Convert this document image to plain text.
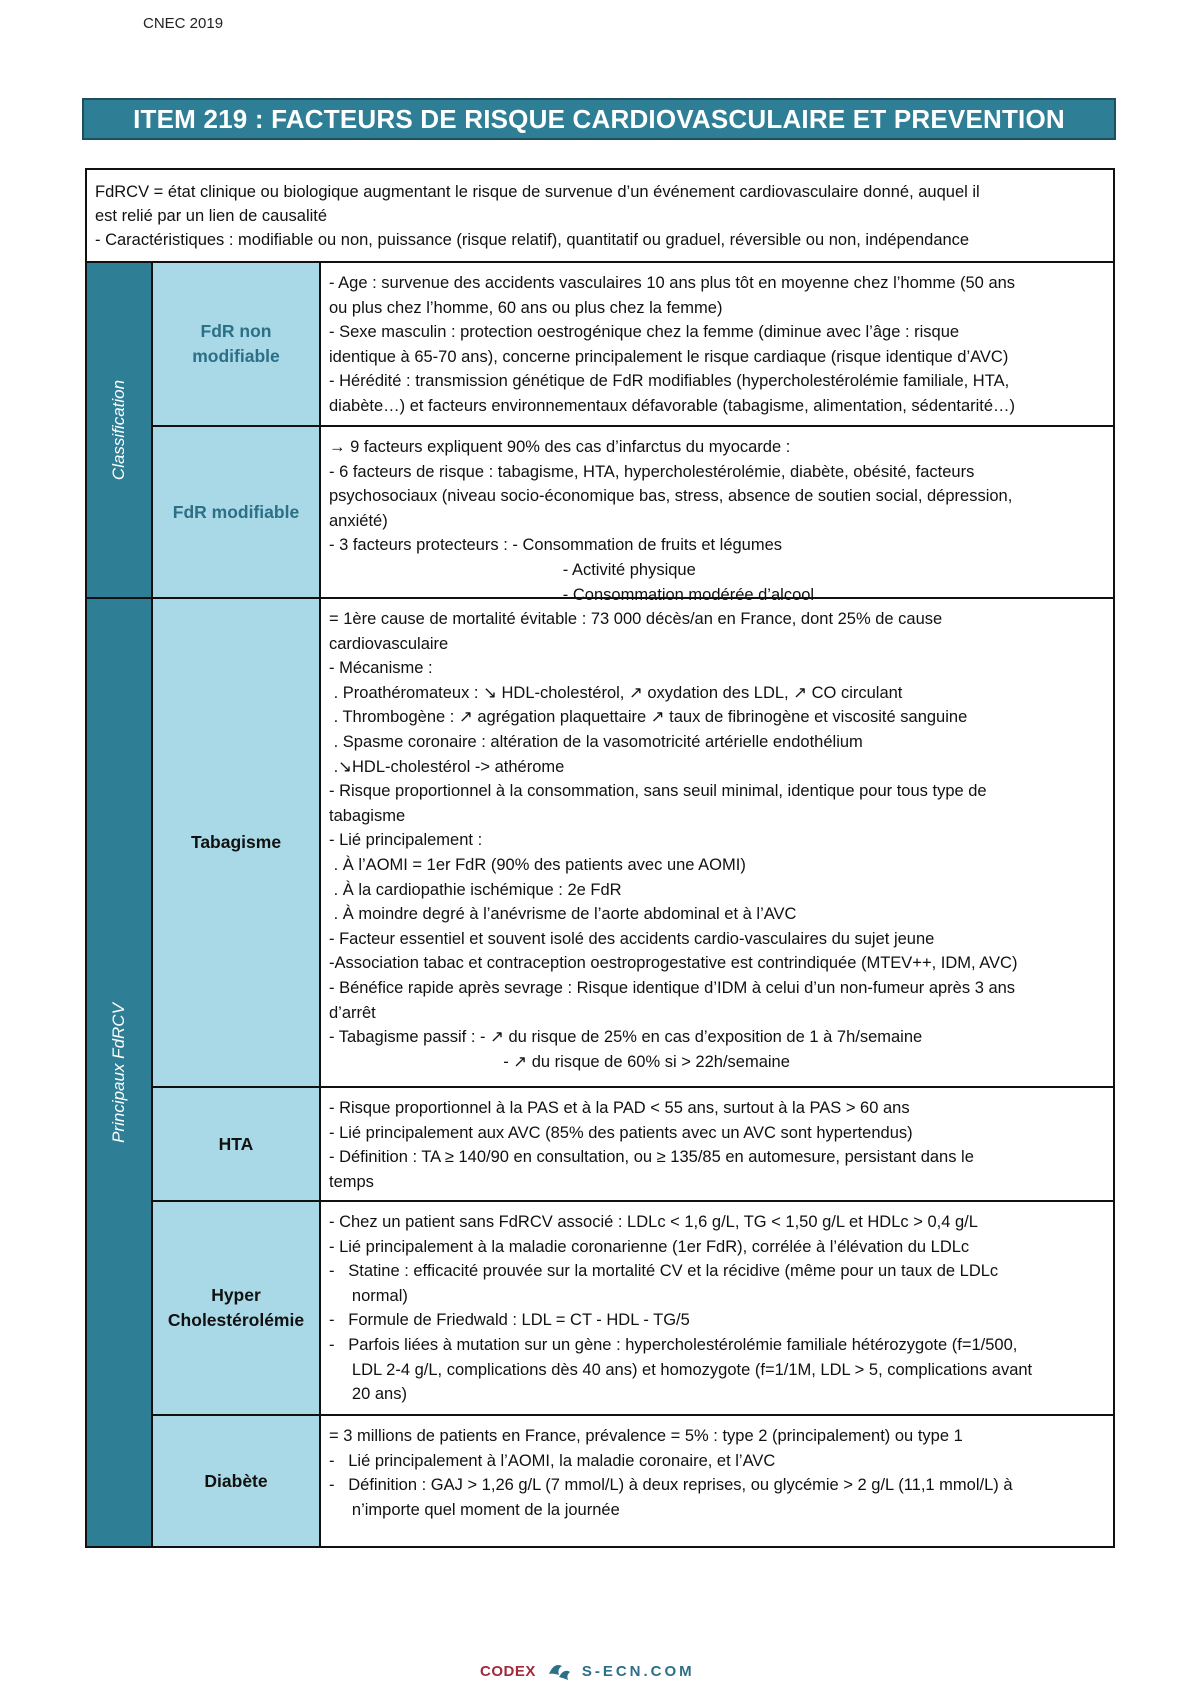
CNEC 2019
ITEM 219 : FACTEURS DE RISQUE CARDIOVASCULAIRE ET PREVENTION
FdRCV = état clinique ou biologique augmentant le risque de survenue d’un événement cardiovasculaire donné, auquel il
est relié par un lien de causalité
- Caractéristiques : modifiable ou non, puissance (risque relatif), quantitatif ou graduel, réversible ou non, indépendance
Classification
FdR non
modifiable
- Age : survenue des accidents vasculaires 10 ans plus tôt en moyenne chez l’homme (50 ans
ou plus chez l’homme, 60 ans ou plus chez la femme)
- Sexe masculin : protection oestrogénique chez la femme (diminue avec l’âge : risque
identique à 65-70 ans), concerne principalement le risque cardiaque (risque identique d’AVC)
- Hérédité : transmission génétique de FdR modifiables (hypercholestérolémie familiale, HTA,
diabète…) et facteurs environnementaux défavorable (tabagisme, alimentation, sédentarité…)
FdR modifiable
→ 9 facteurs expliquent 90% des cas d’infarctus du myocarde :
- 6 facteurs de risque : tabagisme, HTA, hypercholestérolémie, diabète, obésité, facteurs
psychosociaux (niveau socio-économique bas, stress, absence de soutien social, dépression,
anxiété)
- 3 facteurs protecteurs : - Consommation de fruits et légumes
- Activité physique
- Consommation modérée d’alcool
Principaux FdRCV
Tabagisme
= 1ère cause de mortalité évitable : 73 000 décès/an en France, dont 25% de cause
cardiovasculaire
- Mécanisme :
. Proathéromateux : ↘ HDL-cholestérol, ↗ oxydation des LDL, ↗ CO circulant
. Thrombogène : ↗ agrégation plaquettaire ↗ taux de fibrinogène et viscosité sanguine
. Spasme coronaire : altération de la vasomotricité artérielle endothélium
.↘HDL-cholestérol -> athérome
- Risque proportionnel à la consommation, sans seuil minimal, identique pour tous type de
tabagisme
- Lié principalement :
. À l’AOMI = 1er FdR (90% des patients avec une AOMI)
. À la cardiopathie ischémique : 2e FdR
. À moindre degré à l’anévrisme de l’aorte abdominal et à l’AVC
- Facteur essentiel et souvent isolé des accidents cardio-vasculaires du sujet jeune
-Association tabac et contraception oestroprogestative est contrindiquée (MTEV++, IDM, AVC)
- Bénéfice rapide après sevrage : Risque identique d’IDM à celui d’un non-fumeur après 3 ans
d’arrêt
- Tabagisme passif : - ↗ du risque de 25% en cas d’exposition de 1 à 7h/semaine
- ↗ du risque de 60% si > 22h/semaine
HTA
- Risque proportionnel à la PAS et à la PAD < 55 ans, surtout à la PAS > 60 ans
- Lié principalement aux AVC (85% des patients avec un AVC sont hypertendus)
- Définition : TA ≥ 140/90 en consultation, ou ≥ 135/85 en automesure, persistant dans le
temps
Hyper
Cholestérolémie
- Chez un patient sans FdRCV associé : LDLc < 1,6 g/L, TG < 1,50 g/L et HDLc > 0,4 g/L
- Lié principalement à la maladie coronarienne (1er FdR), corrélée à l’élévation du LDLc
-   Statine : efficacité prouvée sur la mortalité CV et la récidive (même pour un taux de LDLc
normal)
-   Formule de Friedwald : LDL = CT - HDL - TG/5
-   Parfois liées à mutation sur un gène : hypercholestérolémie familiale hétérozygote (f=1/500,
LDL 2-4 g/L, complications dès 40 ans) et homozygote (f=1/1M, LDL > 5, complications avant
20 ans)
Diabète
= 3 millions de patients en France, prévalence = 5% : type 2 (principalement) ou type 1
-   Lié principalement à l’AOMI, la maladie coronaire, et l’AVC
-   Définition : GAJ > 1,26 g/L (7 mmol/L) à deux reprises, ou glycémie > 2 g/L (11,1 mmol/L) à
n’importe quel moment de la journée
CODEX	S-ECN.COM
